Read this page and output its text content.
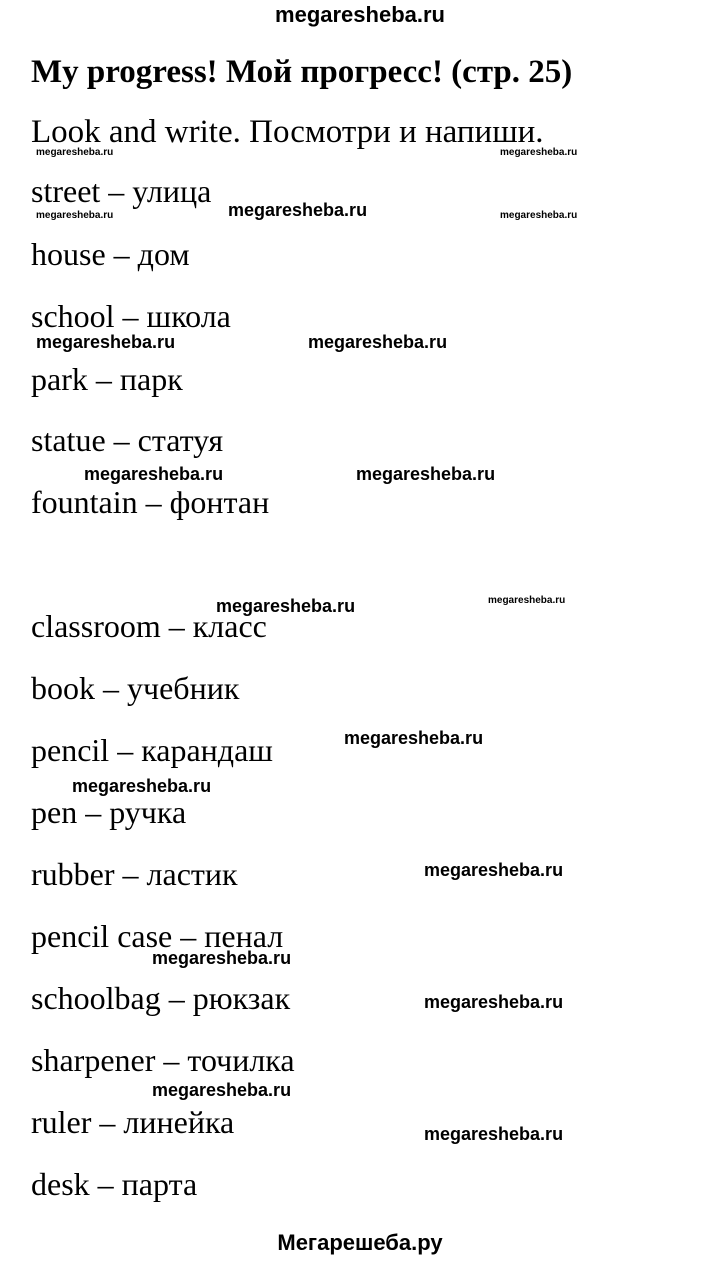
megaresheba.ru
My progress! Мой прогресс! (стр. 25)
Look and write. Посмотри и напиши.
street – улица
house – дом
school – школа
park – парк
statue – статуя
fountain – фонтан
classroom – класс
book – учебник
pencil – карандаш
pen – ручка
rubber – ластик
pencil case – пенал
schoolbag – рюкзак
sharpener – точилка
ruler – линейка
desk – парта
megaresheba.ru
megaresheba.ru	megaresheba.ru
megaresheba.ru	megaresheba.ru
megaresheba.ru
megaresheba.ru
megaresheba.ru
megaresheba.ru
megaresheba.ru
megaresheba.ru
megaresheba.ru
megaresheba.ru
megaresheba.ru	megaresheba.ru
megaresheba.ru	megaresheba.ru
megaresheba.ru
Мегарешеба.ру
